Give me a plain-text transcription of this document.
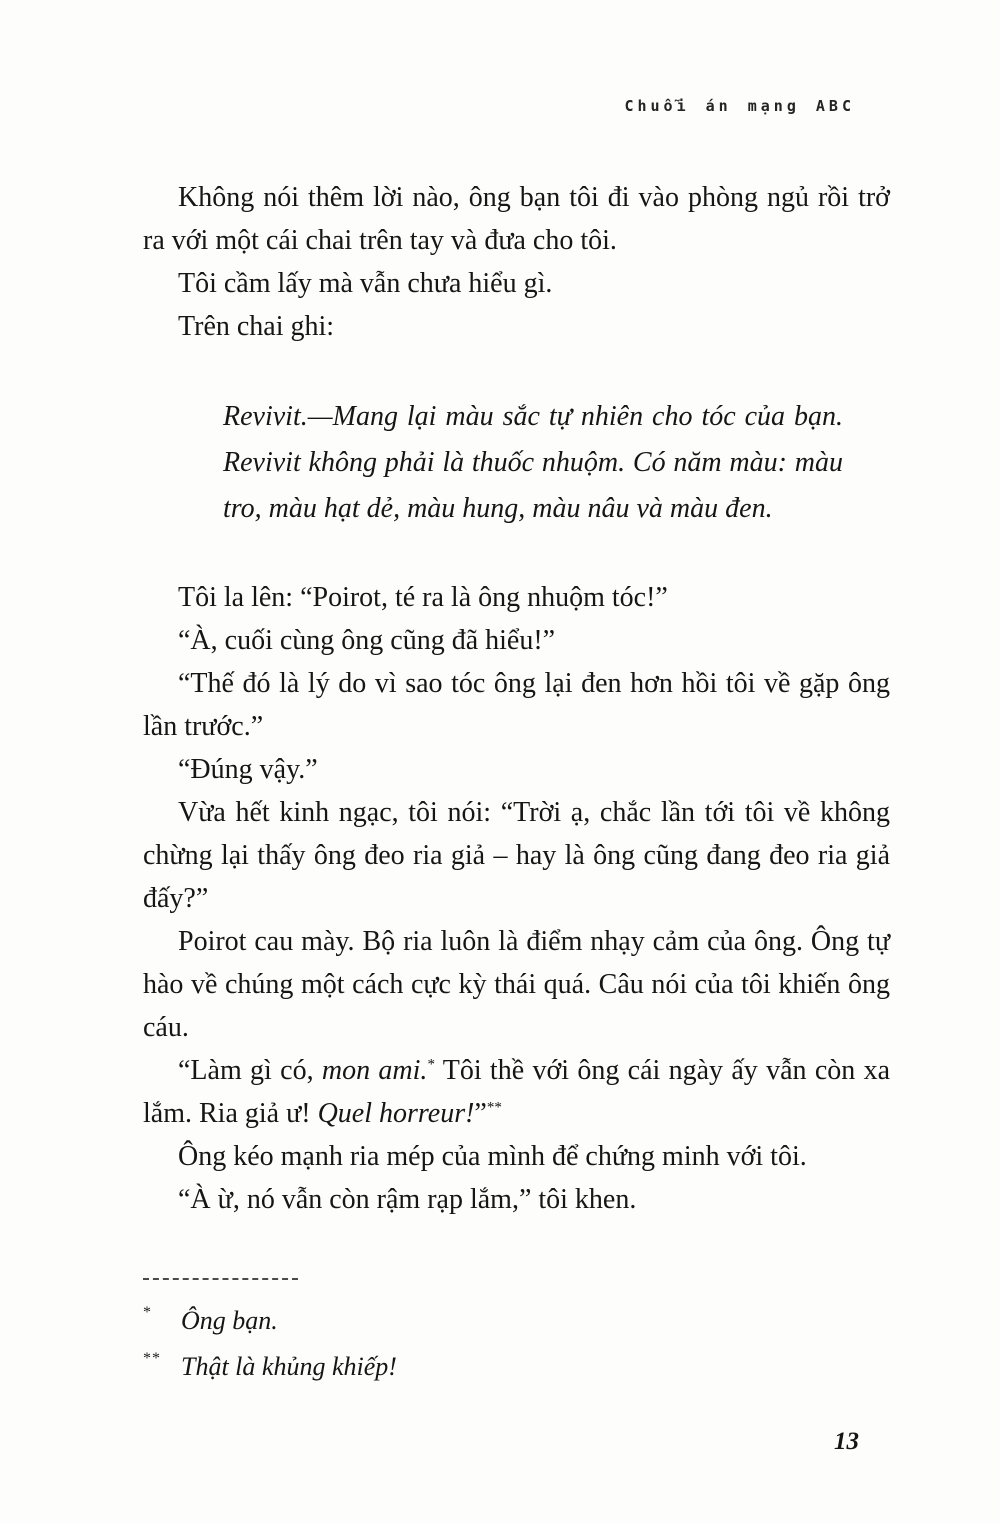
Chuỗi án mạng ABC

Không nói thêm lời nào, ông bạn tôi đi vào phòng ngủ rồi trở ra với một cái chai trên tay và đưa cho tôi.

Tôi cầm lấy mà vẫn chưa hiểu gì.

Trên chai ghi:

Revivit.—Mang lại màu sắc tự nhiên cho tóc của bạn. Revivit không phải là thuốc nhuộm. Có năm màu: màu tro, màu hạt dẻ, màu hung, màu nâu và màu đen.

Tôi la lên: “Poirot, té ra là ông nhuộm tóc!”

“À, cuối cùng ông cũng đã hiểu!”

“Thế đó là lý do vì sao tóc ông lại đen hơn hồi tôi về gặp ông lần trước.”

“Đúng vậy.”

Vừa hết kinh ngạc, tôi nói: “Trời ạ, chắc lần tới tôi về không chừng lại thấy ông đeo ria giả – hay là ông cũng đang đeo ria giả đấy?”

Poirot cau mày. Bộ ria luôn là điểm nhạy cảm của ông. Ông tự hào về chúng một cách cực kỳ thái quá. Câu nói của tôi khiến ông cáu.

“Làm gì có, mon ami.* Tôi thề với ông cái ngày ấy vẫn còn xa lắm. Ria giả ư! Quel horreur!”**

Ông kéo mạnh ria mép của mình để chứng minh với tôi.

“À ừ, nó vẫn còn rậm rạp lắm,” tôi khen.

*	Ông bạn.
** Thật là khủng khiếp!
13
